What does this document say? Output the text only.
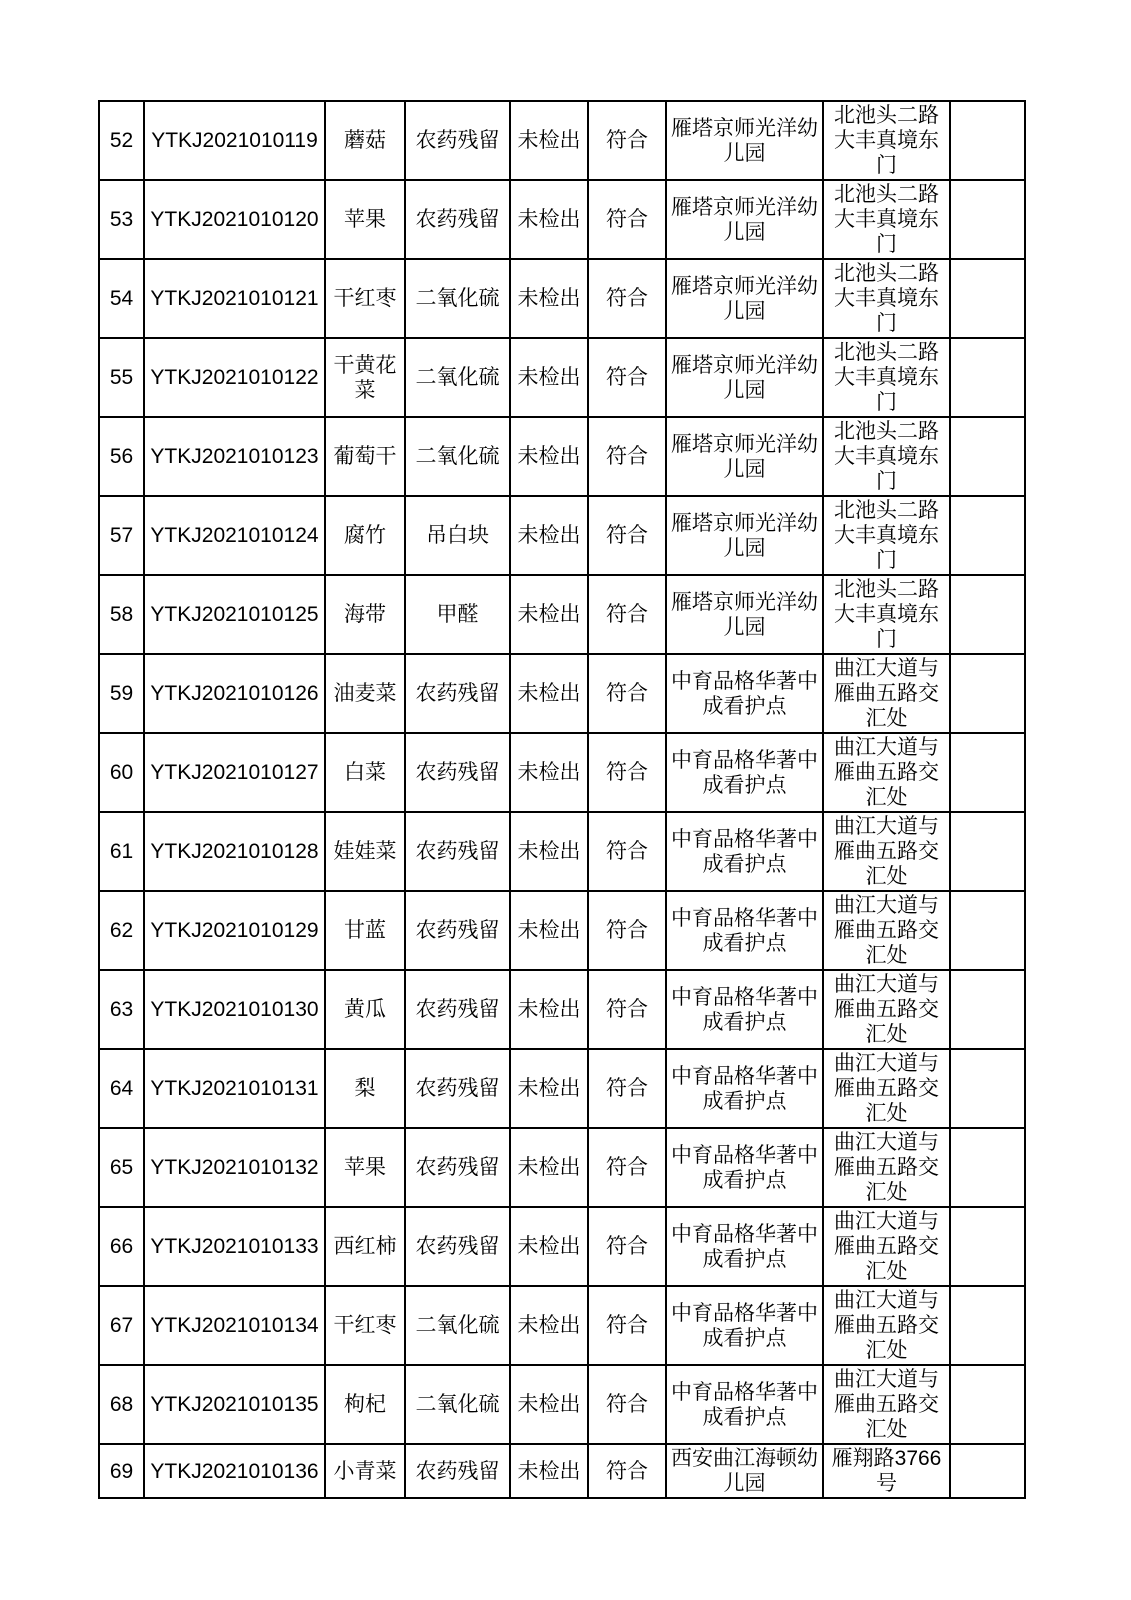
52	YTKJ2021010119	蘑菇	农药残留	未检出	符合	雁塔京师光洋幼儿园	北池头二路大丰真境东门	
53	YTKJ2021010120	苹果	农药残留	未检出	符合	雁塔京师光洋幼儿园	北池头二路大丰真境东门	
54	YTKJ2021010121	干红枣	二氧化硫	未检出	符合	雁塔京师光洋幼儿园	北池头二路大丰真境东门	
55	YTKJ2021010122	干黄花菜	二氧化硫	未检出	符合	雁塔京师光洋幼儿园	北池头二路大丰真境东门	
56	YTKJ2021010123	葡萄干	二氧化硫	未检出	符合	雁塔京师光洋幼儿园	北池头二路大丰真境东门	
57	YTKJ2021010124	腐竹	吊白块	未检出	符合	雁塔京师光洋幼儿园	北池头二路大丰真境东门	
58	YTKJ2021010125	海带	甲醛	未检出	符合	雁塔京师光洋幼儿园	北池头二路大丰真境东门	
59	YTKJ2021010126	油麦菜	农药残留	未检出	符合	中育品格华著中成看护点	曲江大道与雁曲五路交汇处	
60	YTKJ2021010127	白菜	农药残留	未检出	符合	中育品格华著中成看护点	曲江大道与雁曲五路交汇处	
61	YTKJ2021010128	娃娃菜	农药残留	未检出	符合	中育品格华著中成看护点	曲江大道与雁曲五路交汇处	
62	YTKJ2021010129	甘蓝	农药残留	未检出	符合	中育品格华著中成看护点	曲江大道与雁曲五路交汇处	
63	YTKJ2021010130	黄瓜	农药残留	未检出	符合	中育品格华著中成看护点	曲江大道与雁曲五路交汇处	
64	YTKJ2021010131	梨	农药残留	未检出	符合	中育品格华著中成看护点	曲江大道与雁曲五路交汇处	
65	YTKJ2021010132	苹果	农药残留	未检出	符合	中育品格华著中成看护点	曲江大道与雁曲五路交汇处	
66	YTKJ2021010133	西红柿	农药残留	未检出	符合	中育品格华著中成看护点	曲江大道与雁曲五路交汇处	
67	YTKJ2021010134	干红枣	二氧化硫	未检出	符合	中育品格华著中成看护点	曲江大道与雁曲五路交汇处	
68	YTKJ2021010135	枸杞	二氧化硫	未检出	符合	中育品格华著中成看护点	曲江大道与雁曲五路交汇处	
69	YTKJ2021010136	小青菜	农药残留	未检出	符合	西安曲江海顿幼儿园	雁翔路3766号	
